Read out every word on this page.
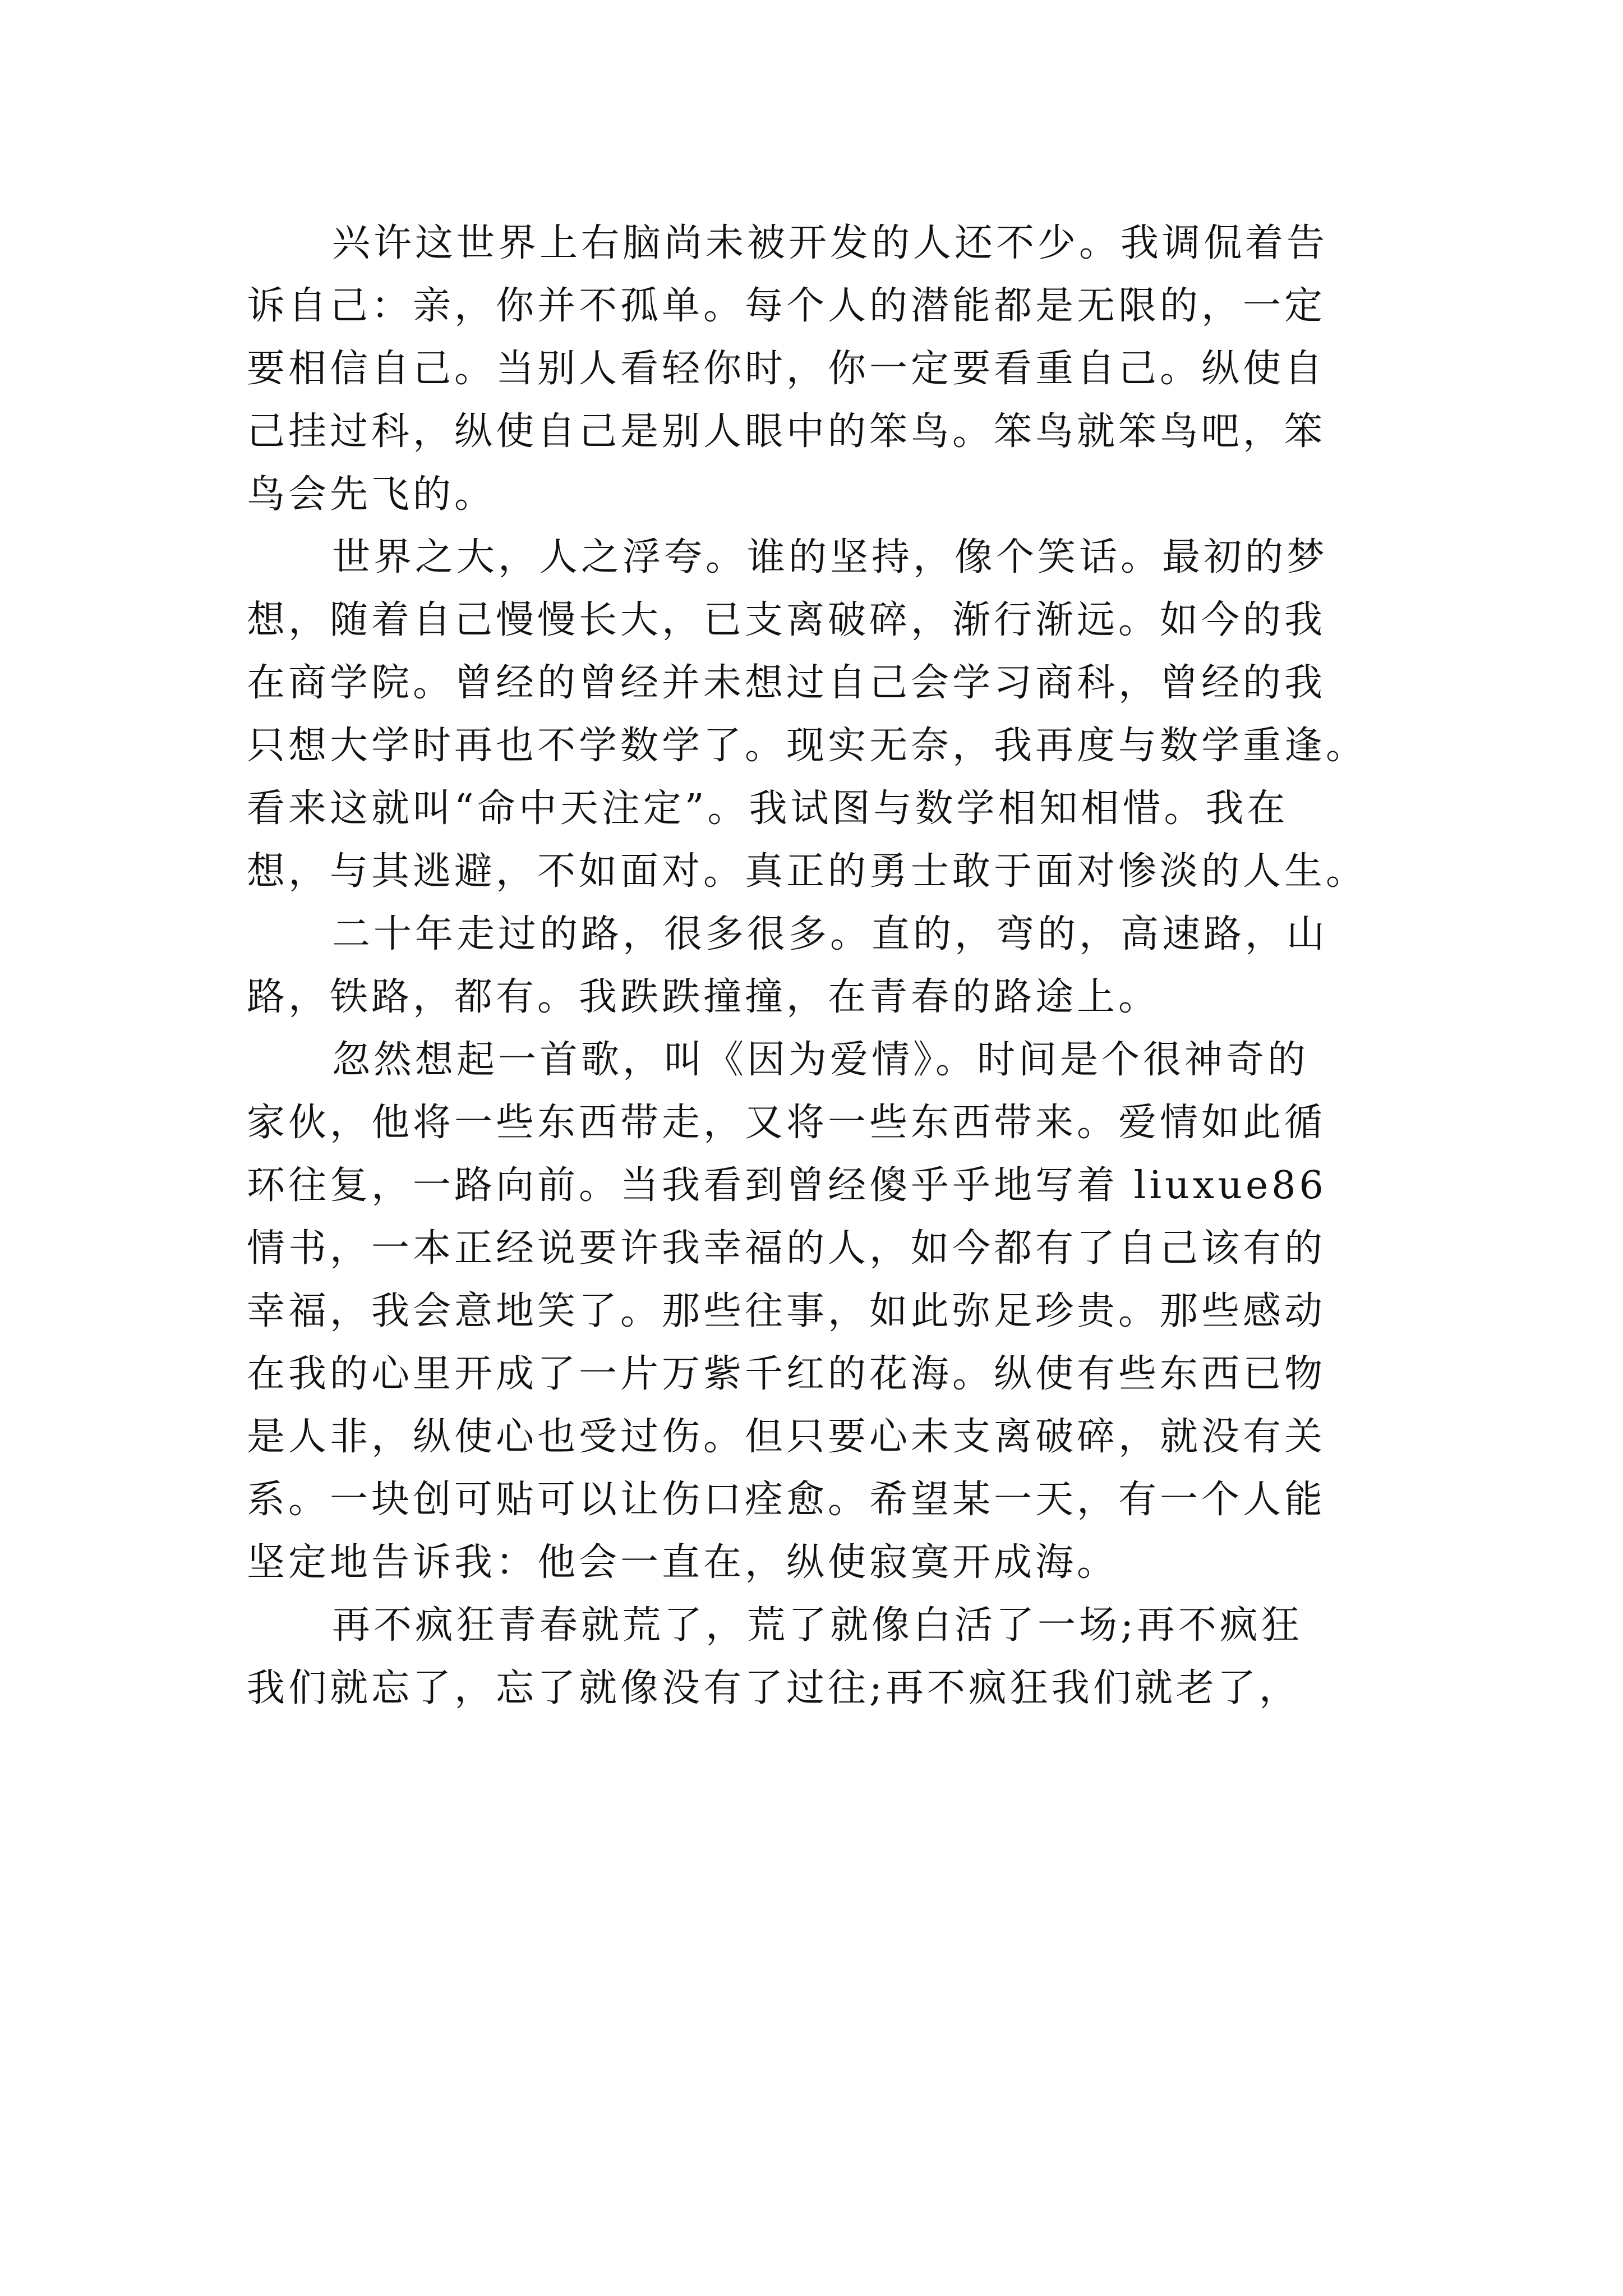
兴许这世界上右脑尚未被开发的人还不少。我调侃着告
诉自己：亲，你并不孤单。每个人的潜能都是无限的，一定
要相信自己。当别人看轻你时，你一定要看重自己。纵使自
己挂过科，纵使自己是别人眼中的笨鸟。笨鸟就笨鸟吧，笨
鸟会先飞的。

世界之大，人之浮夸。谁的坚持，像个笑话。最初的梦
想，随着自己慢慢长大，已支离破碎，渐行渐远。如今的我
在商学院。曾经的曾经并未想过自己会学习商科，曾经的我
只想大学时再也不学数学了。现实无奈，我再度与数学重逢。
看来这就叫“命中天注定”。我试图与数学相知相惜。我在
想，与其逃避，不如面对。真正的勇士敢于面对惨淡的人生。

二十年走过的路，很多很多。直的，弯的，高速路，山
路，铁路，都有。我跌跌撞撞，在青春的路途上。

忽然想起一首歌，叫《因为爱情》。时间是个很神奇的
家伙，他将一些东西带走，又将一些东西带来。爱情如此循
环往复，一路向前。当我看到曾经傻乎乎地写着 liuxue86
情书，一本正经说要许我幸福的人，如今都有了自己该有的
幸福，我会意地笑了。那些往事，如此弥足珍贵。那些感动
在我的心里开成了一片万紫千红的花海。纵使有些东西已物
是人非，纵使心也受过伤。但只要心未支离破碎，就没有关
系。一块创可贴可以让伤口痊愈。希望某一天，有一个人能
坚定地告诉我：他会一直在，纵使寂寞开成海。

再不疯狂青春就荒了，荒了就像白活了一场;再不疯狂
我们就忘了，忘了就像没有了过往;再不疯狂我们就老了，
